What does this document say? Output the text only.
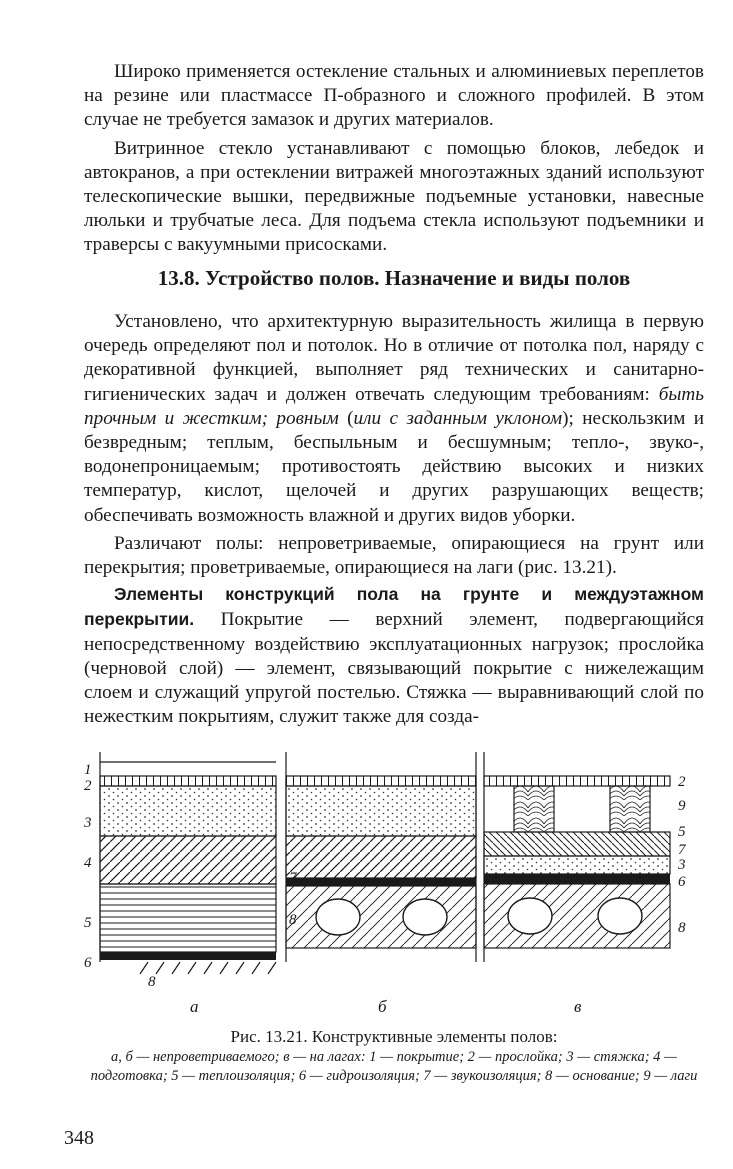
Широко применяется остекление стальных и алюминиевых переплетов на резине или пластмассе П-образного и сложного профилей. В этом случае не требуется замазок и других материалов.

Витринное стекло устанавливают с помощью блоков, лебедок и автокранов, а при остеклении витражей многоэтажных зданий используют телескопические вышки, передвижные подъемные установки, навесные люльки и трубчатые леса. Для подъема стекла используют подъемники и траверсы с вакуумными присосками.

13.8. Устройство полов. Назначение и виды полов

Установлено, что архитектурную выразительность жилища в первую очередь определяют пол и потолок. Но в отличие от потолка пол, наряду с декоративной функцией, выполняет ряд технических и санитарно-гигиенических задач и должен отвечать следующим требованиям: быть прочным и жестким; ровным (или с заданным уклоном); нескользким и безвредным; теплым, беспыльным и бесшумным; тепло-, звуко-, водонепроницаемым; противостоять действию высоких и низких температур, кислот, щелочей и других разрушающих веществ; обеспечивать возможность влажной и других видов уборки.

Различают полы: непроветриваемые, опирающиеся на грунт или перекрытия; проветриваемые, опирающиеся на лаги (рис. 13.21).

Элементы конструкций пола на грунте и междуэтажном перекрытии. Покрытие — верхний элемент, подвергающийся непосредственному воздействию эксплуатационных нагрузок; прослойка (черновой слой) — элемент, связывающий покрытие с нижележащим слоем и служащий упругой постелью. Стяжка — выравнивающий слой по нежестким покрытиям, служит также для созда-

1
2
3
4
5
6
8
7
8
2
9
5
7
3
6
8
а	б	в
Рис. 13.21. Конструктивные элементы полов:
а, б — непроветриваемого; в — на лагах: 1 — покрытие; 2 — прослойка; 3 — стяжка; 4 — подготовка; 5 — теплоизоляция; 6 — гидроизоляция; 7 — звукоизоляция; 8 — основание; 9 — лаги
348
